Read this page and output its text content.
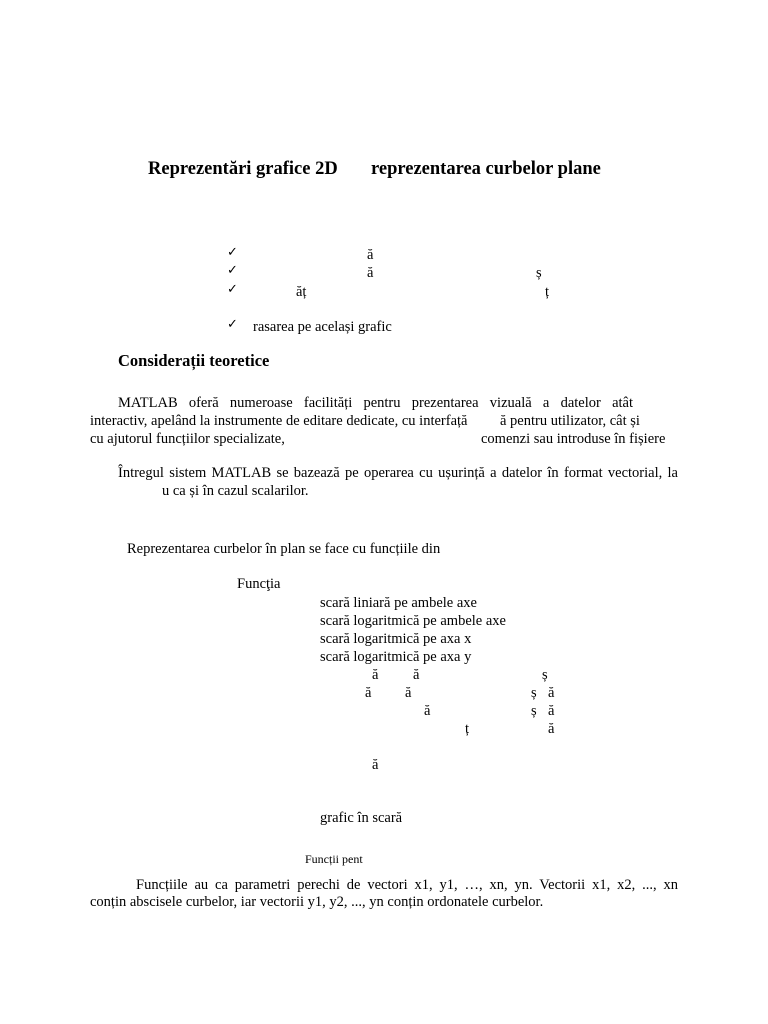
Reprezentări grafice 2D reprezentarea curbelor plane
✓	ă
✓	ă	ș
✓	ăț	ț
✓ rasarea pe același grafic
Considerații teoretice
MATLAB oferă numeroase facilități pentru prezentarea vizuală a datelor atât
interactiv, apelând la instrumente de editare dedicate, cu interfață ă pentru utilizator, cât și
cu ajutorul funcțiilor specializate,	comenzi sau introduse în fișiere
Întregul sistem MATLAB se bazează pe operarea cu ușurință a datelor în format vectorial, la
u ca și în cazul scalarilor.
Reprezentarea curbelor în plan se face cu funcțiile din
Funcţia
scară liniară pe ambele axe
scară logaritmică pe ambele axe
scară logaritmică pe axa x
scară logaritmică pe axa y
ă ă	ș
ă ă	ș ă
ă	ș ă
ț	ă
ă
grafic în scară
Funcții pent
Funcțiile au ca parametri perechi de vectori x1, y1, …, xn, yn. Vectorii x1, x2, ..., xn
conțin abscisele curbelor, iar vectorii y1, y2, ..., yn conțin ordonatele curbelor.
